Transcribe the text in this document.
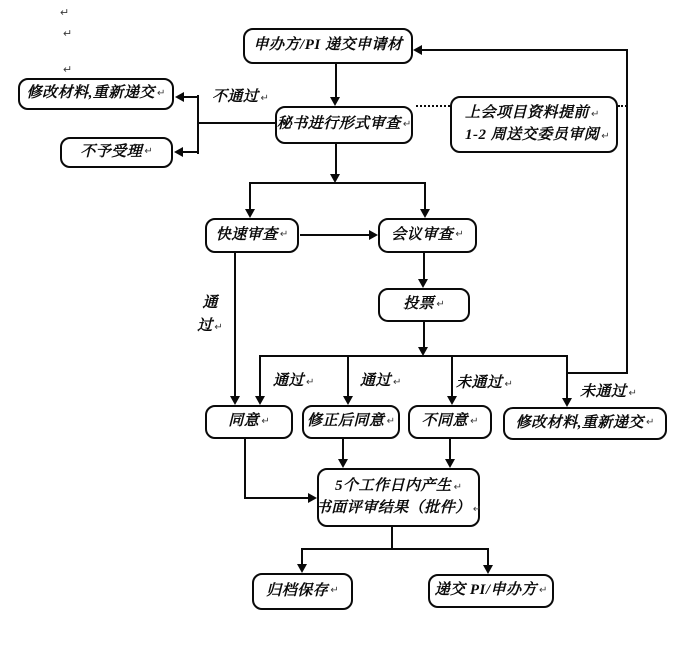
↵
↵
↵
不通过 ↵
通
过 ↵
通过 ↵	通过 ↵	未通过 ↵	未通过 ↵
申办方/PI 递交申请材
修改材料,重新递交 ↵
不予受理 ↵
秘书进行形式审查 ↵
上会项目资料提前 ↵
1-2 周送交委员审阅 ↵
快速审查 ↵	会议审查 ↵
投票 ↵
同意 ↵ 修正后同意 ↵ 不同意 ↵ 修改材料,重新递交 ↵
5个工作日内产生 ↵
书面评审结果（批件） ↵
归档保存 ↵	递交 PI/申办方 ↵
